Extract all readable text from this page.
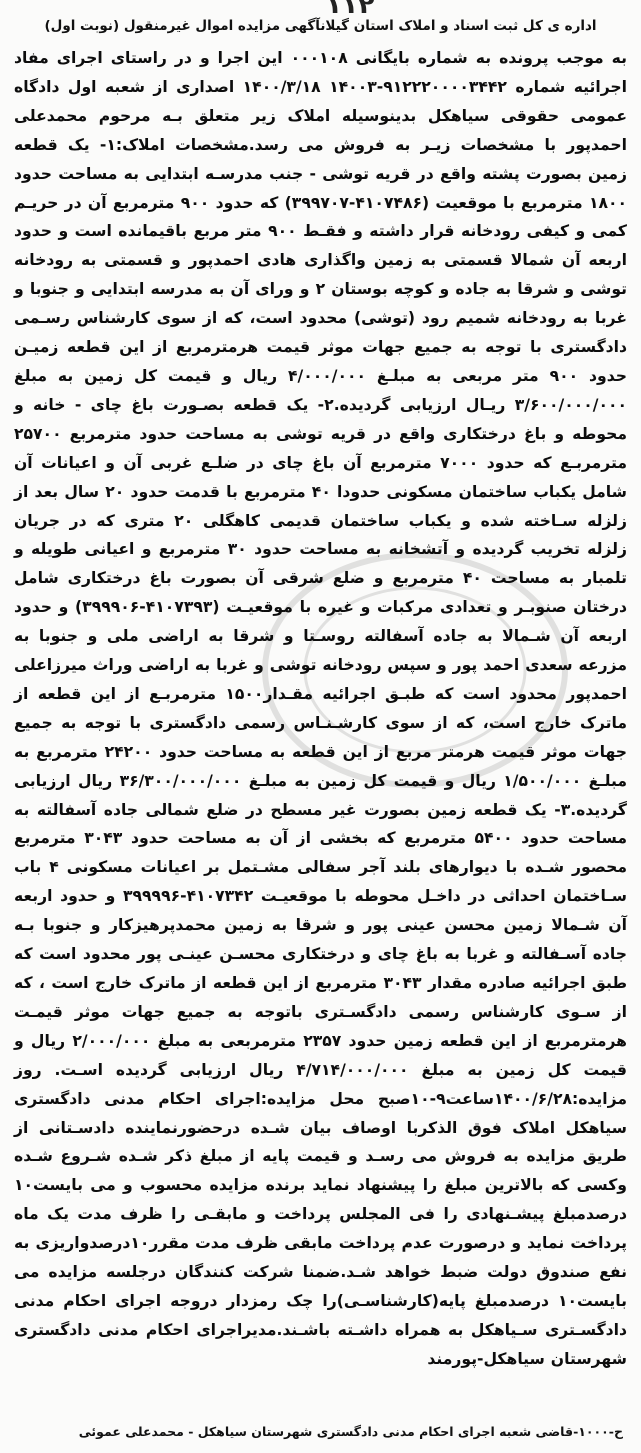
۱۱۲
اداره ی کل ثبت اسناد و املاک استان گیلانآگهی مزایده اموال غیرمنقول (نوبت اول)
به موجب پرونده به شماره بایگانی ۰۰۰۱۰۸ این اجرا و در راستای اجرای مفاد اجرائیه شماره ۹۱۲۲۲۰۰۰۰۳۴۴۲-۱۴۰۰۳ ۱۴۰۰/۳/۱۸ اصداری از شعبه اول دادگاه عمومی حقوقی سیاهکل بدینوسیله املاک زیر متعلق بـه مرحوم محمدعلی احمدپور با مشخصات زیـر به فروش می رسد.مشخصات املاک:۱- یک قطعه زمین بصورت پشته واقع در قریه توشی - جنب مدرسـه ابتدایی به مساحت حدود ۱۸۰۰ مترمربع با موقعیت (۴۱۰۷۴۸۶-۳۹۹۷۰۷) که حدود ۹۰۰ مترمربع آن در حریـم کمی و کیفی رودخانه قرار داشته و فقـط ۹۰۰ متر مربع باقیمانده است و حدود اربعه آن شمالا قسمتی به زمین واگذاری هادی احمدپور و قسمتی به رودخانه توشی و شرقا به جاده و کوچه بوستان ۲ و ورای آن به مدرسه ابتدایی و جنوبا و غربا به رودخانه شمیم رود (توشی) محدود است، که از سوی کارشناس رسـمی دادگستری با توجه به جمیع جهات موثر قیمت هرمترمربع از این قطعه زمیـن حدود ۹۰۰ متر مربعی به مبلـغ ۴/۰۰۰/۰۰۰ ریال و قیمت کل زمین به مبلغ ۳/۶۰۰/۰۰۰/۰۰۰ ریـال ارزیابی گردیده.۲- یک قطعه بصـورت باغ چای - خانه و محوطه و باغ درختکاری واقع در قریه توشی به مساحت حدود مترمربع ۲۵۷۰۰ مترمربـع که حدود ۷۰۰۰ مترمربع آن باغ چای در ضلـع غربی آن و اعیانات آن شامل یکباب ساختمان مسکونی حدودا ۴۰ مترمربع با قدمت حدود ۲۰ سال بعد از زلزله سـاخته شده و یکباب ساختمان قدیمی کاهگلی ۲۰ متری که در جریان زلزله تخریب گردیده و آتشخانه به مساحت حدود ۳۰ مترمربع و اعیانی طویله و تلمبار به مساحت ۴۰ مترمربع و ضلع شرقی آن بصورت باغ درختکاری شامل درختان صنوبـر و تعدادی مرکبات و غیره با موقعیـت (۴۱۰۷۳۹۳-۳۹۹۹۰۶) و حدود اربعه آن شـمالا به جاده آسفالته روسـتا و شرقا به اراضی ملی و جنوبا به مزرعه سعدی احمد پور و سپس رودخانه توشی و غربا به اراضی وراث میرزاعلی احمدپور محدود است که طبـق اجرائیه مقـدار۱۵۰۰ مترمربـع از این قطعه از ماترک خارج است، که از سوی کارشـنـاس رسمی دادگستری با توجه به جمیع جهات موثر قیمت هرمتر مربع از این قطعه به مساحت حدود ۲۴۲۰۰ مترمربع به مبلـغ ۱/۵۰۰/۰۰۰ ریال و قیمت کل زمین به مبلـغ ۳۶/۳۰۰/۰۰۰/۰۰۰ ریال ارزیابی گردیده.۳- یک قطعه زمین بصورت غیر مسطح در ضلع شمالی جاده آسفالته به مساحت حدود ۵۴۰۰ مترمربع که بخشی از آن به مساحت حدود ۳۰۴۳ مترمربع محصور شـده با دیوارهای بلند آجر سفالی مشـتمل بر اعیانات مسکونی ۴ باب سـاختمان احداثی در داخـل محوطه با موقعیـت ۴۱۰۷۳۴۲-۳۹۹۹۹۶ و حدود اربعه آن شـمالا زمین محسن عینی پور و شرقا به زمین محمدپرهیزکار و جنوبا بـه جاده آسـفالته و غربا به باغ چای و درختکاری محسـن عینـی پور محدود است که طبق اجرائیه صادره مقدار ۳۰۴۳ مترمربع از این قطعه از ماترک خارج است ، که از سـوی کارشناس رسمی دادگسـتری باتوجه به جمیع جهات موثر قیمـت هرمترمربع از این قطعه زمین حدود ۲۳۵۷ مترمربعی به مبلغ ۲/۰۰۰/۰۰۰ ریال و قیمت کل زمین به مبلغ ۴/۷۱۴/۰۰۰/۰۰۰ ریال ارزیابی گردیده اسـت. روز مزایده:۱۴۰۰/۶/۲۸ساعت۹-۱۰صبح محل مزایده:اجرای احکام مدنی دادگستری سیاهکل املاک فوق الذکربا اوصاف بیان شـده درحضورنماینده دادسـتانی از طریق مزایده به فروش می رسـد و قیمت پایه از مبلغ ذکر شـده شـروع شـده وکسی که بالاترین مبلغ را پیشنهاد نماید برنده مزایده محسوب و می بایست۱۰ درصدمبلغ پیشـنهادی را فی المجلس پرداخت و مابقـی را ظرف مدت یک ماه پرداخت نماید و درصورت عدم پرداخت مابقی ظرف مدت مقرر۱۰درصدواریزی به نفع صندوق دولت ضبط خواهد شـد.ضمنا شرکت کنندگان درجلسه مزایده می بایست۱۰ درصدمبلغ پایه(کارشناسـی)را چک رمزدار دروجه اجرای احکام مدنی دادگسـتری سـیاهکل به همراه داشـته باشـند.مدیراجرای احکام مدنی دادگستری شهرستان سیاهکل-پورمند
ح-۱۰۰۰-قاضی شعبه اجرای احکام مدنی دادگستری شهرستان سیاهکل - محمدعلی عموئی
